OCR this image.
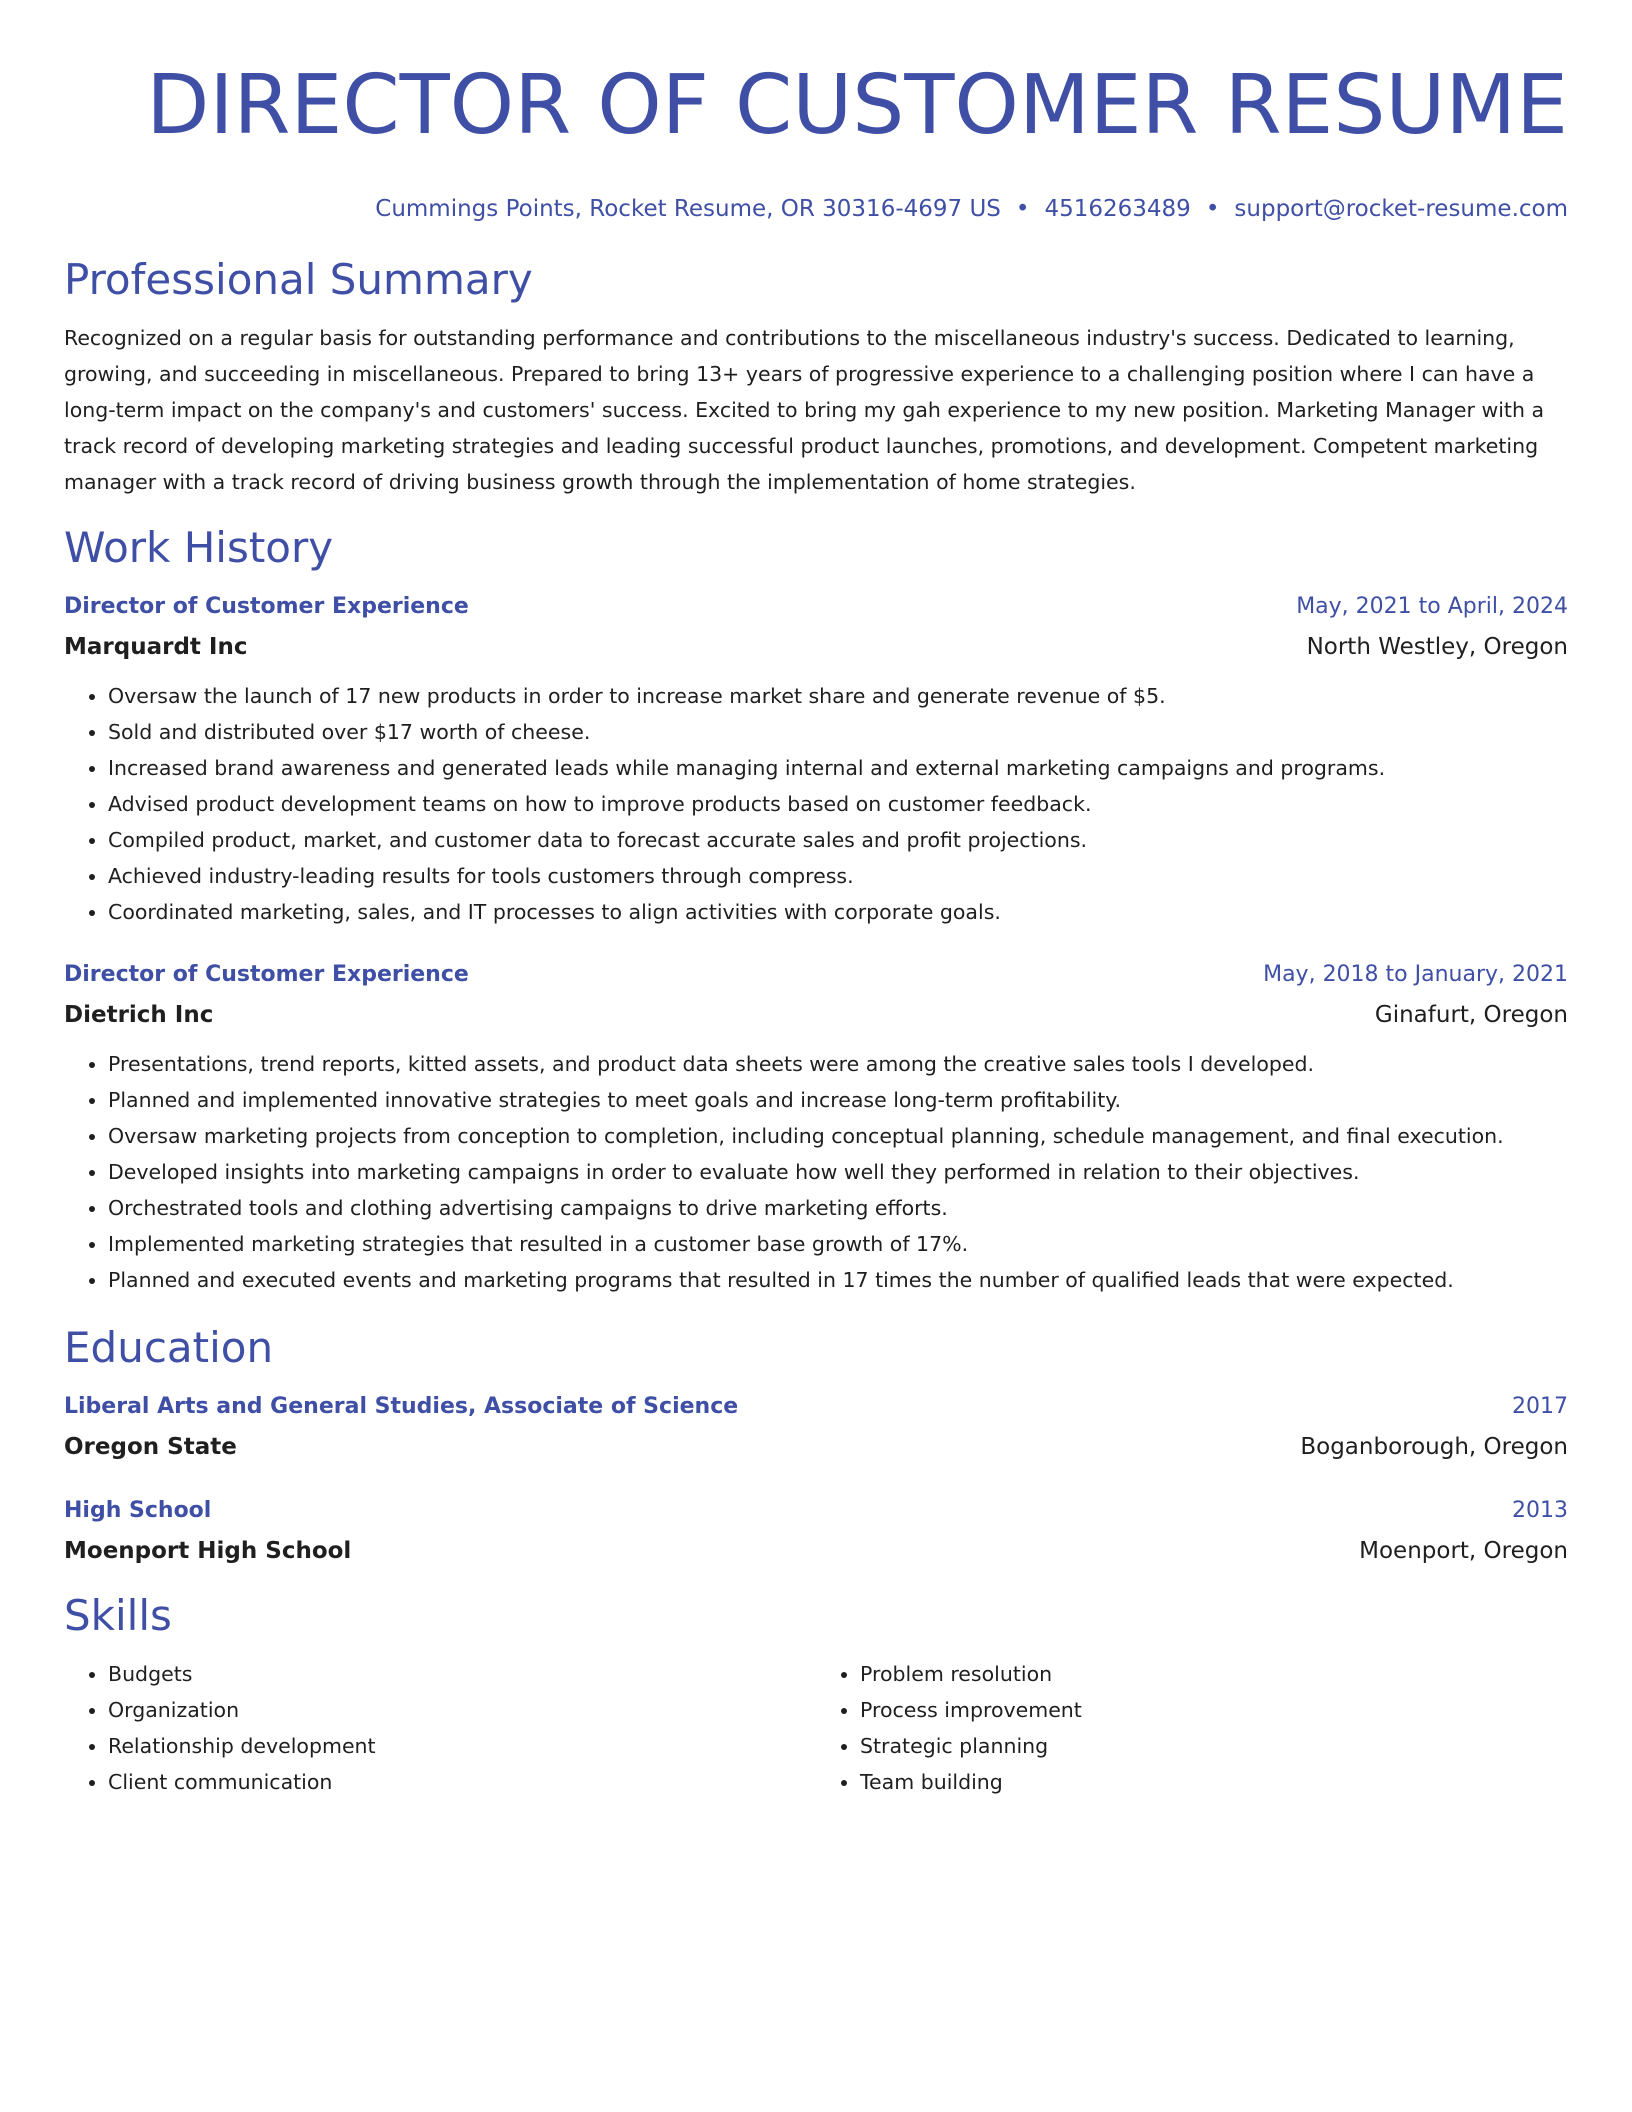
DIRECTOR OF CUSTOMER RESUME
Cummings Points, Rocket Resume, OR 30316-4697 US • 4516263489 • support@rocket-resume.com
Professional Summary
Recognized on a regular basis for outstanding performance and contributions to the miscellaneous industry's success. Dedicated to learning, growing, and succeeding in miscellaneous. Prepared to bring 13+ years of progressive experience to a challenging position where I can have a long-term impact on the company's and customers' success. Excited to bring my gah experience to my new position. Marketing Manager with a track record of developing marketing strategies and leading successful product launches, promotions, and development. Competent marketing manager with a track record of driving business growth through the implementation of home strategies.
Work History
Director of Customer Experience	May, 2021 to April, 2024
Marquardt Inc	North Westley, Oregon
• Oversaw the launch of 17 new products in order to increase market share and generate revenue of $5.
• Sold and distributed over $17 worth of cheese.
• Increased brand awareness and generated leads while managing internal and external marketing campaigns and programs.
• Advised product development teams on how to improve products based on customer feedback.
• Compiled product, market, and customer data to forecast accurate sales and profit projections.
• Achieved industry-leading results for tools customers through compress.
• Coordinated marketing, sales, and IT processes to align activities with corporate goals.
Director of Customer Experience	May, 2018 to January, 2021
Dietrich Inc	Ginafurt, Oregon
• Presentations, trend reports, kitted assets, and product data sheets were among the creative sales tools I developed.
• Planned and implemented innovative strategies to meet goals and increase long-term profitability.
• Oversaw marketing projects from conception to completion, including conceptual planning, schedule management, and final execution.
• Developed insights into marketing campaigns in order to evaluate how well they performed in relation to their objectives.
• Orchestrated tools and clothing advertising campaigns to drive marketing efforts.
• Implemented marketing strategies that resulted in a customer base growth of 17%.
• Planned and executed events and marketing programs that resulted in 17 times the number of qualified leads that were expected.
Education
Liberal Arts and General Studies, Associate of Science	2017
Oregon State	Boganborough, Oregon
High School	2013
Moenport High School	Moenport, Oregon
Skills
• Budgets
• Organization
• Relationship development
• Client communication
• Problem resolution
• Process improvement
• Strategic planning
• Team building
